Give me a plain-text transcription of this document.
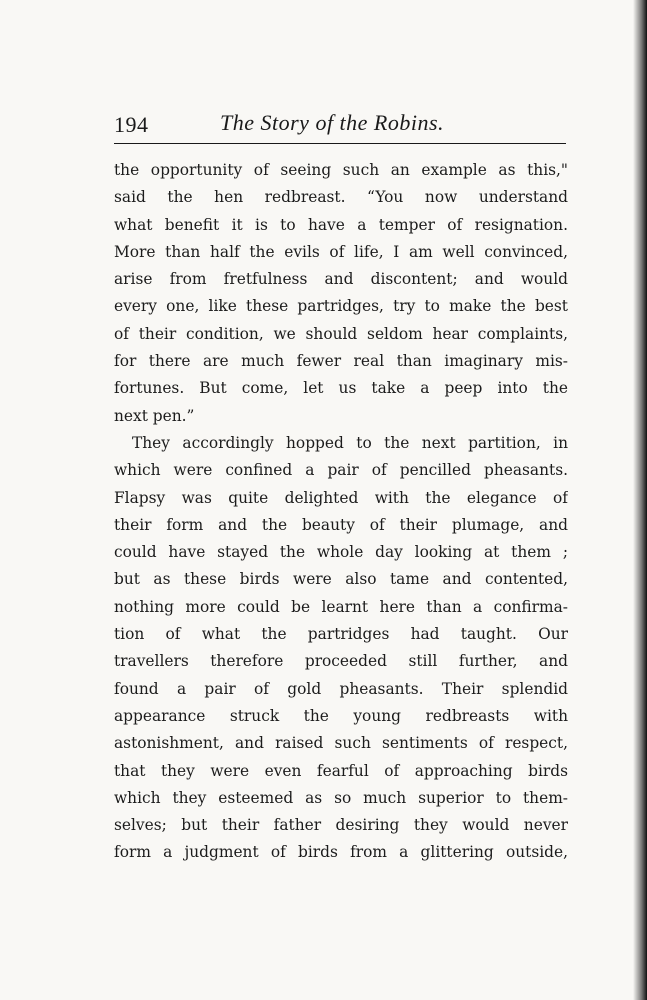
194	The Story of the Robins.
the opportunity of seeing such an example as this,"
said the hen redbreast. “You now understand
what benefit it is to have a temper of resignation.
More than half the evils of life, I am well convinced,
arise from fretfulness and discontent; and would
every one, like these partridges, try to make the best
of their condition, we should seldom hear complaints,
for there are much fewer real than imaginary mis-
fortunes. But come, let us take a peep into the
next pen.”
They accordingly hopped to the next partition, in
which were confined a pair of pencilled pheasants.
Flapsy was quite delighted with the elegance of
their form and the beauty of their plumage, and
could have stayed the whole day looking at them ;
but as these birds were also tame and contented,
nothing more could be learnt here than a confirma-
tion of what the partridges had taught. Our
travellers therefore proceeded still further, and
found a pair of gold pheasants. Their splendid
appearance struck the young redbreasts with
astonishment, and raised such sentiments of respect,
that they were even fearful of approaching birds
which they esteemed as so much superior to them-
selves; but their father desiring they would never
form a judgment of birds from a glittering outside,
